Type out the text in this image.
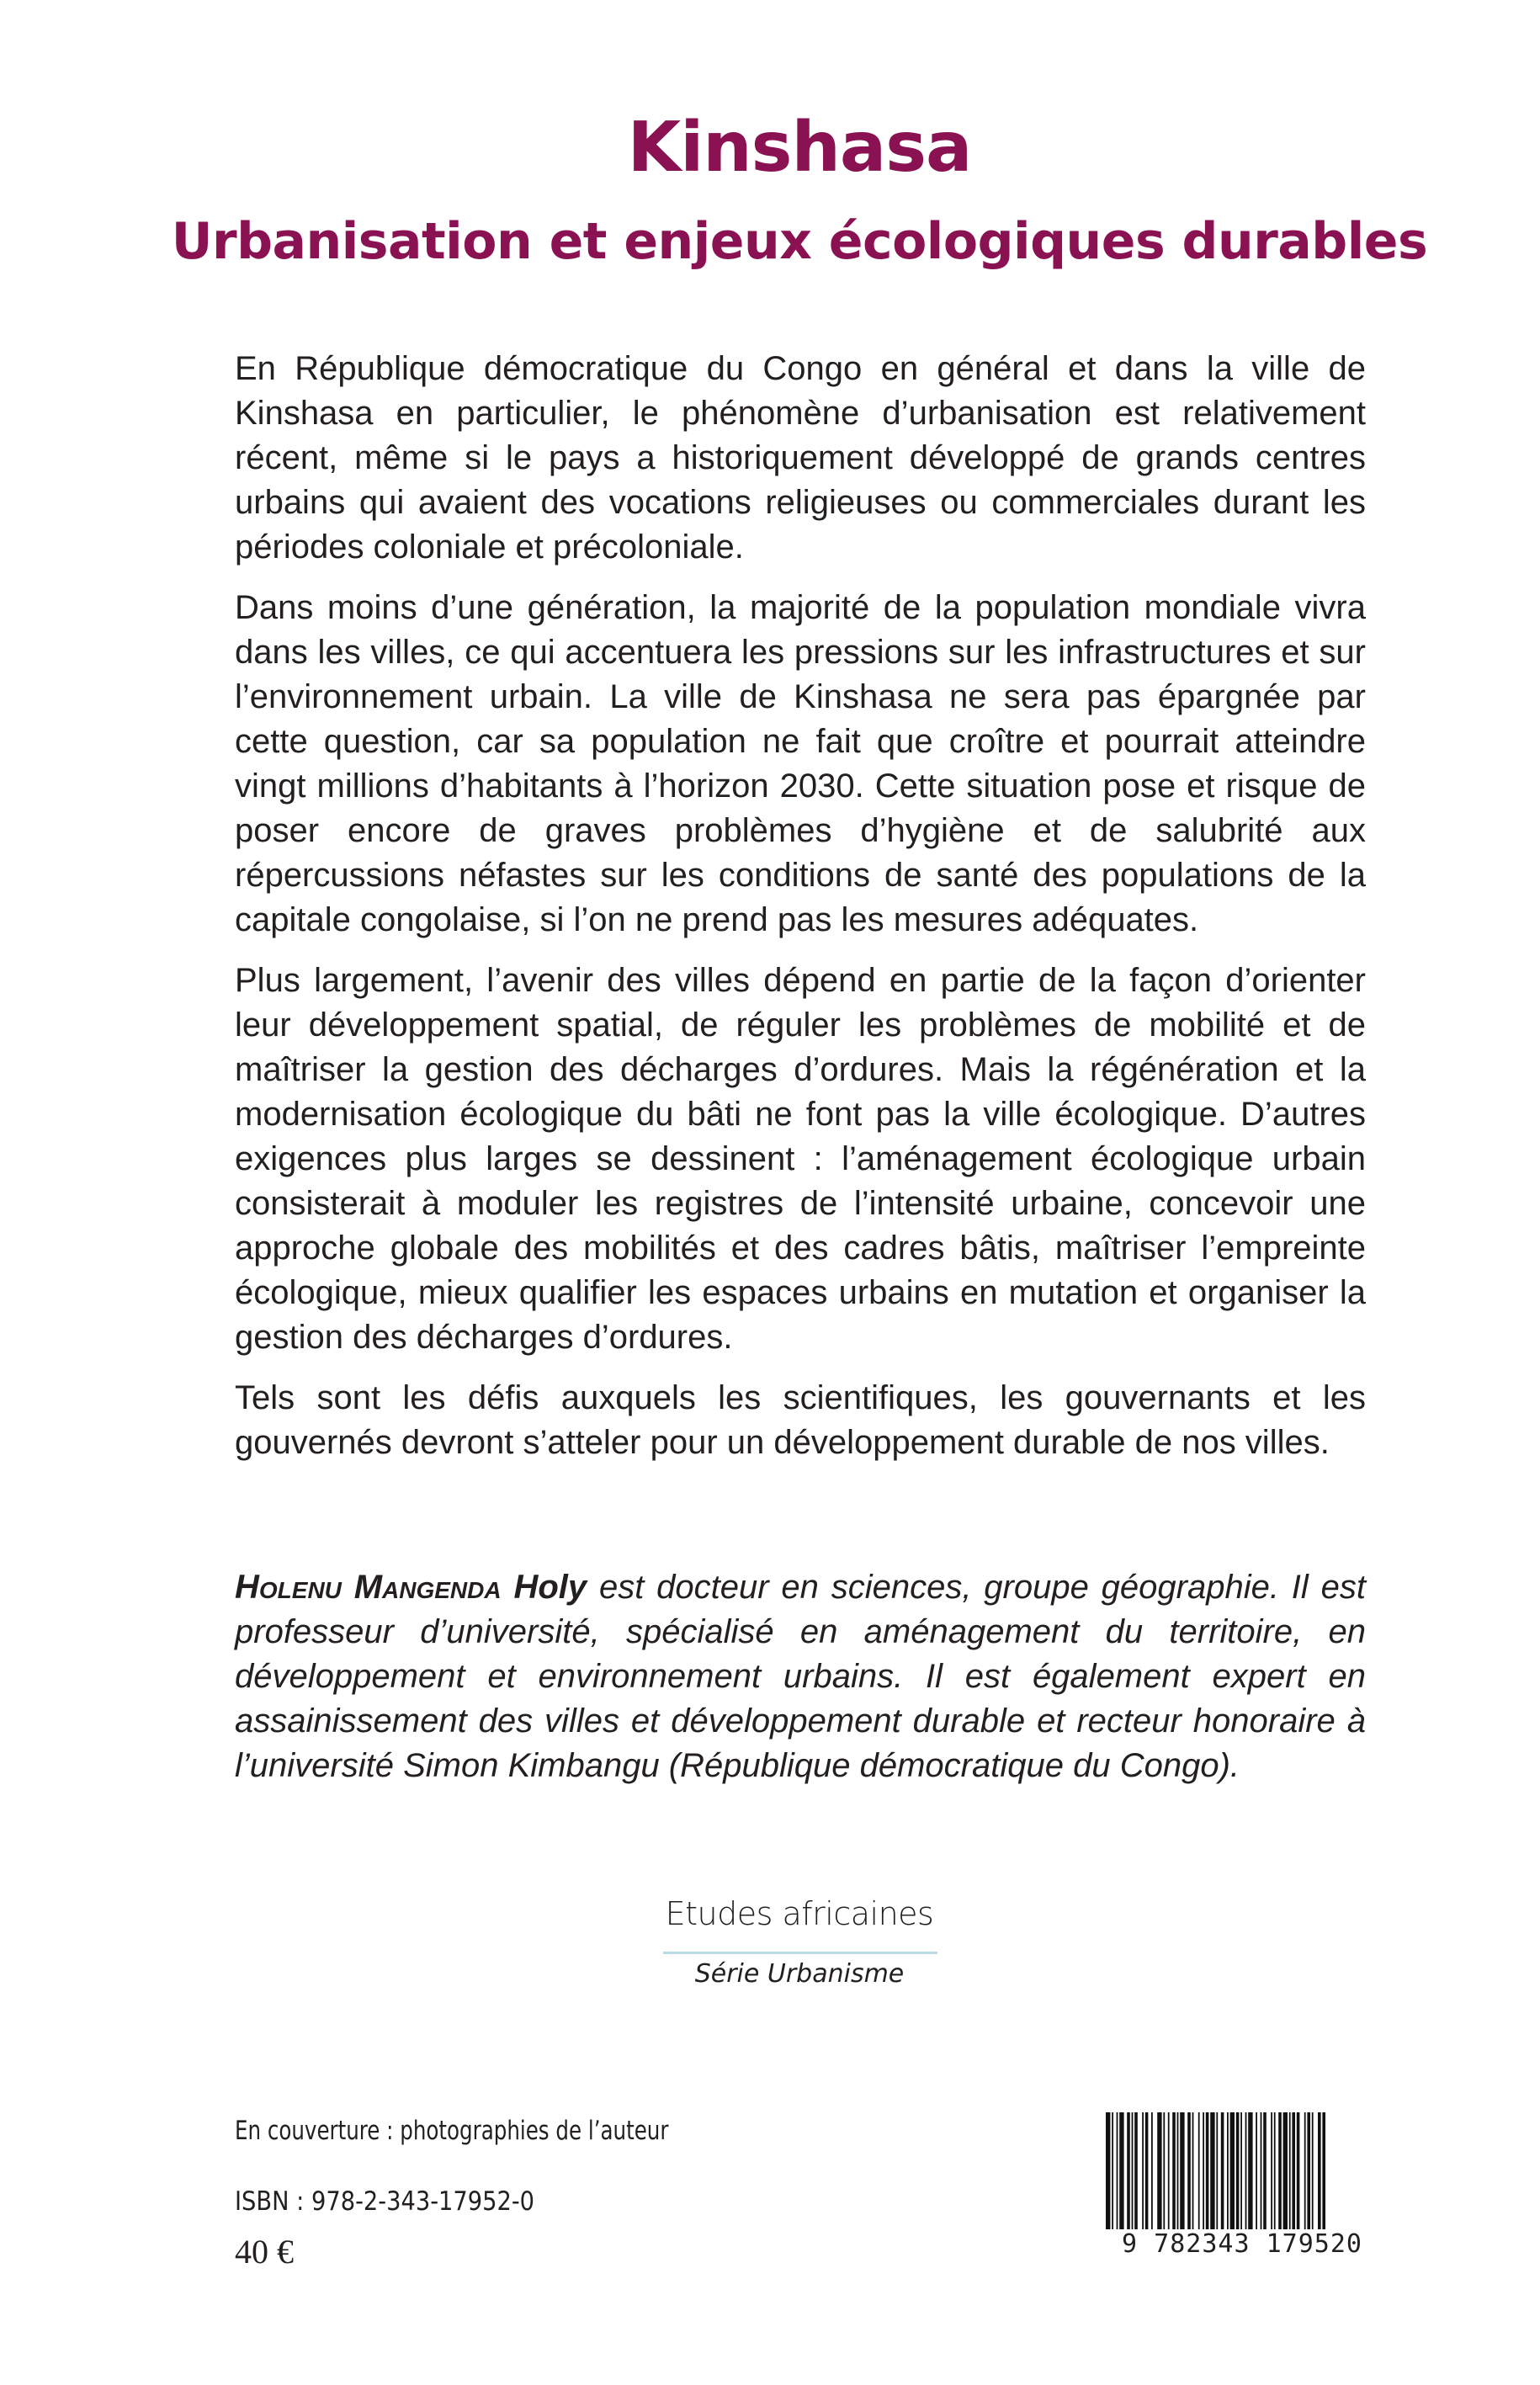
Kinshasa
Urbanisation et enjeux écologiques durables

En République démocratique du Congo en général et dans la ville de Kinshasa en particulier, le phénomène d’urbanisation est relativement récent, même si le pays a historiquement développé de grands centres urbains qui avaient des vocations religieuses ou commerciales durant les périodes coloniale et précoloniale.

Dans moins d’une génération, la majorité de la population mondiale vivra dans les villes, ce qui accentuera les pressions sur les infrastructures et sur l’environnement urbain. La ville de Kinshasa ne sera pas épargnée par cette question, car sa population ne fait que croître et pourrait atteindre vingt millions d’habitants à l’horizon 2030. Cette situation pose et risque de poser encore de graves problèmes d’hygiène et de salubrité aux répercussions néfastes sur les conditions de santé des populations de la capitale congolaise, si l’on ne prend pas les mesures adéquates.

Plus largement, l’avenir des villes dépend en partie de la façon d’orienter leur développement spatial, de réguler les problèmes de mobilité et de maîtriser la gestion des décharges d’ordures. Mais la régénération et la modernisation écologique du bâti ne font pas la ville écologique. D’autres exigences plus larges se dessinent : l’aménagement écologique urbain consisterait à moduler les registres de l’intensité urbaine, concevoir une approche globale des mobilités et des cadres bâtis, maîtriser l’empreinte écologique, mieux qualifier les espaces urbains en mutation et organiser la gestion des décharges d’ordures.

Tels sont les défis auxquels les scientifiques, les gouvernants et les gouvernés devront s’atteler pour un développement durable de nos villes.

Holenu Mangenda Holy est docteur en sciences, groupe géographie. Il est professeur d’université, spécialisé en aménagement du territoire, en développement et environnement urbains. Il est également expert en assainissement des villes et développement durable et recteur honoraire à l’université Simon Kimbangu (République démocratique du Congo).

Etudes africaines
Série Urbanisme
En couverture : photographies de l’auteur
ISBN : 978-2-343-17952-0
40 €	9 782343 179520
